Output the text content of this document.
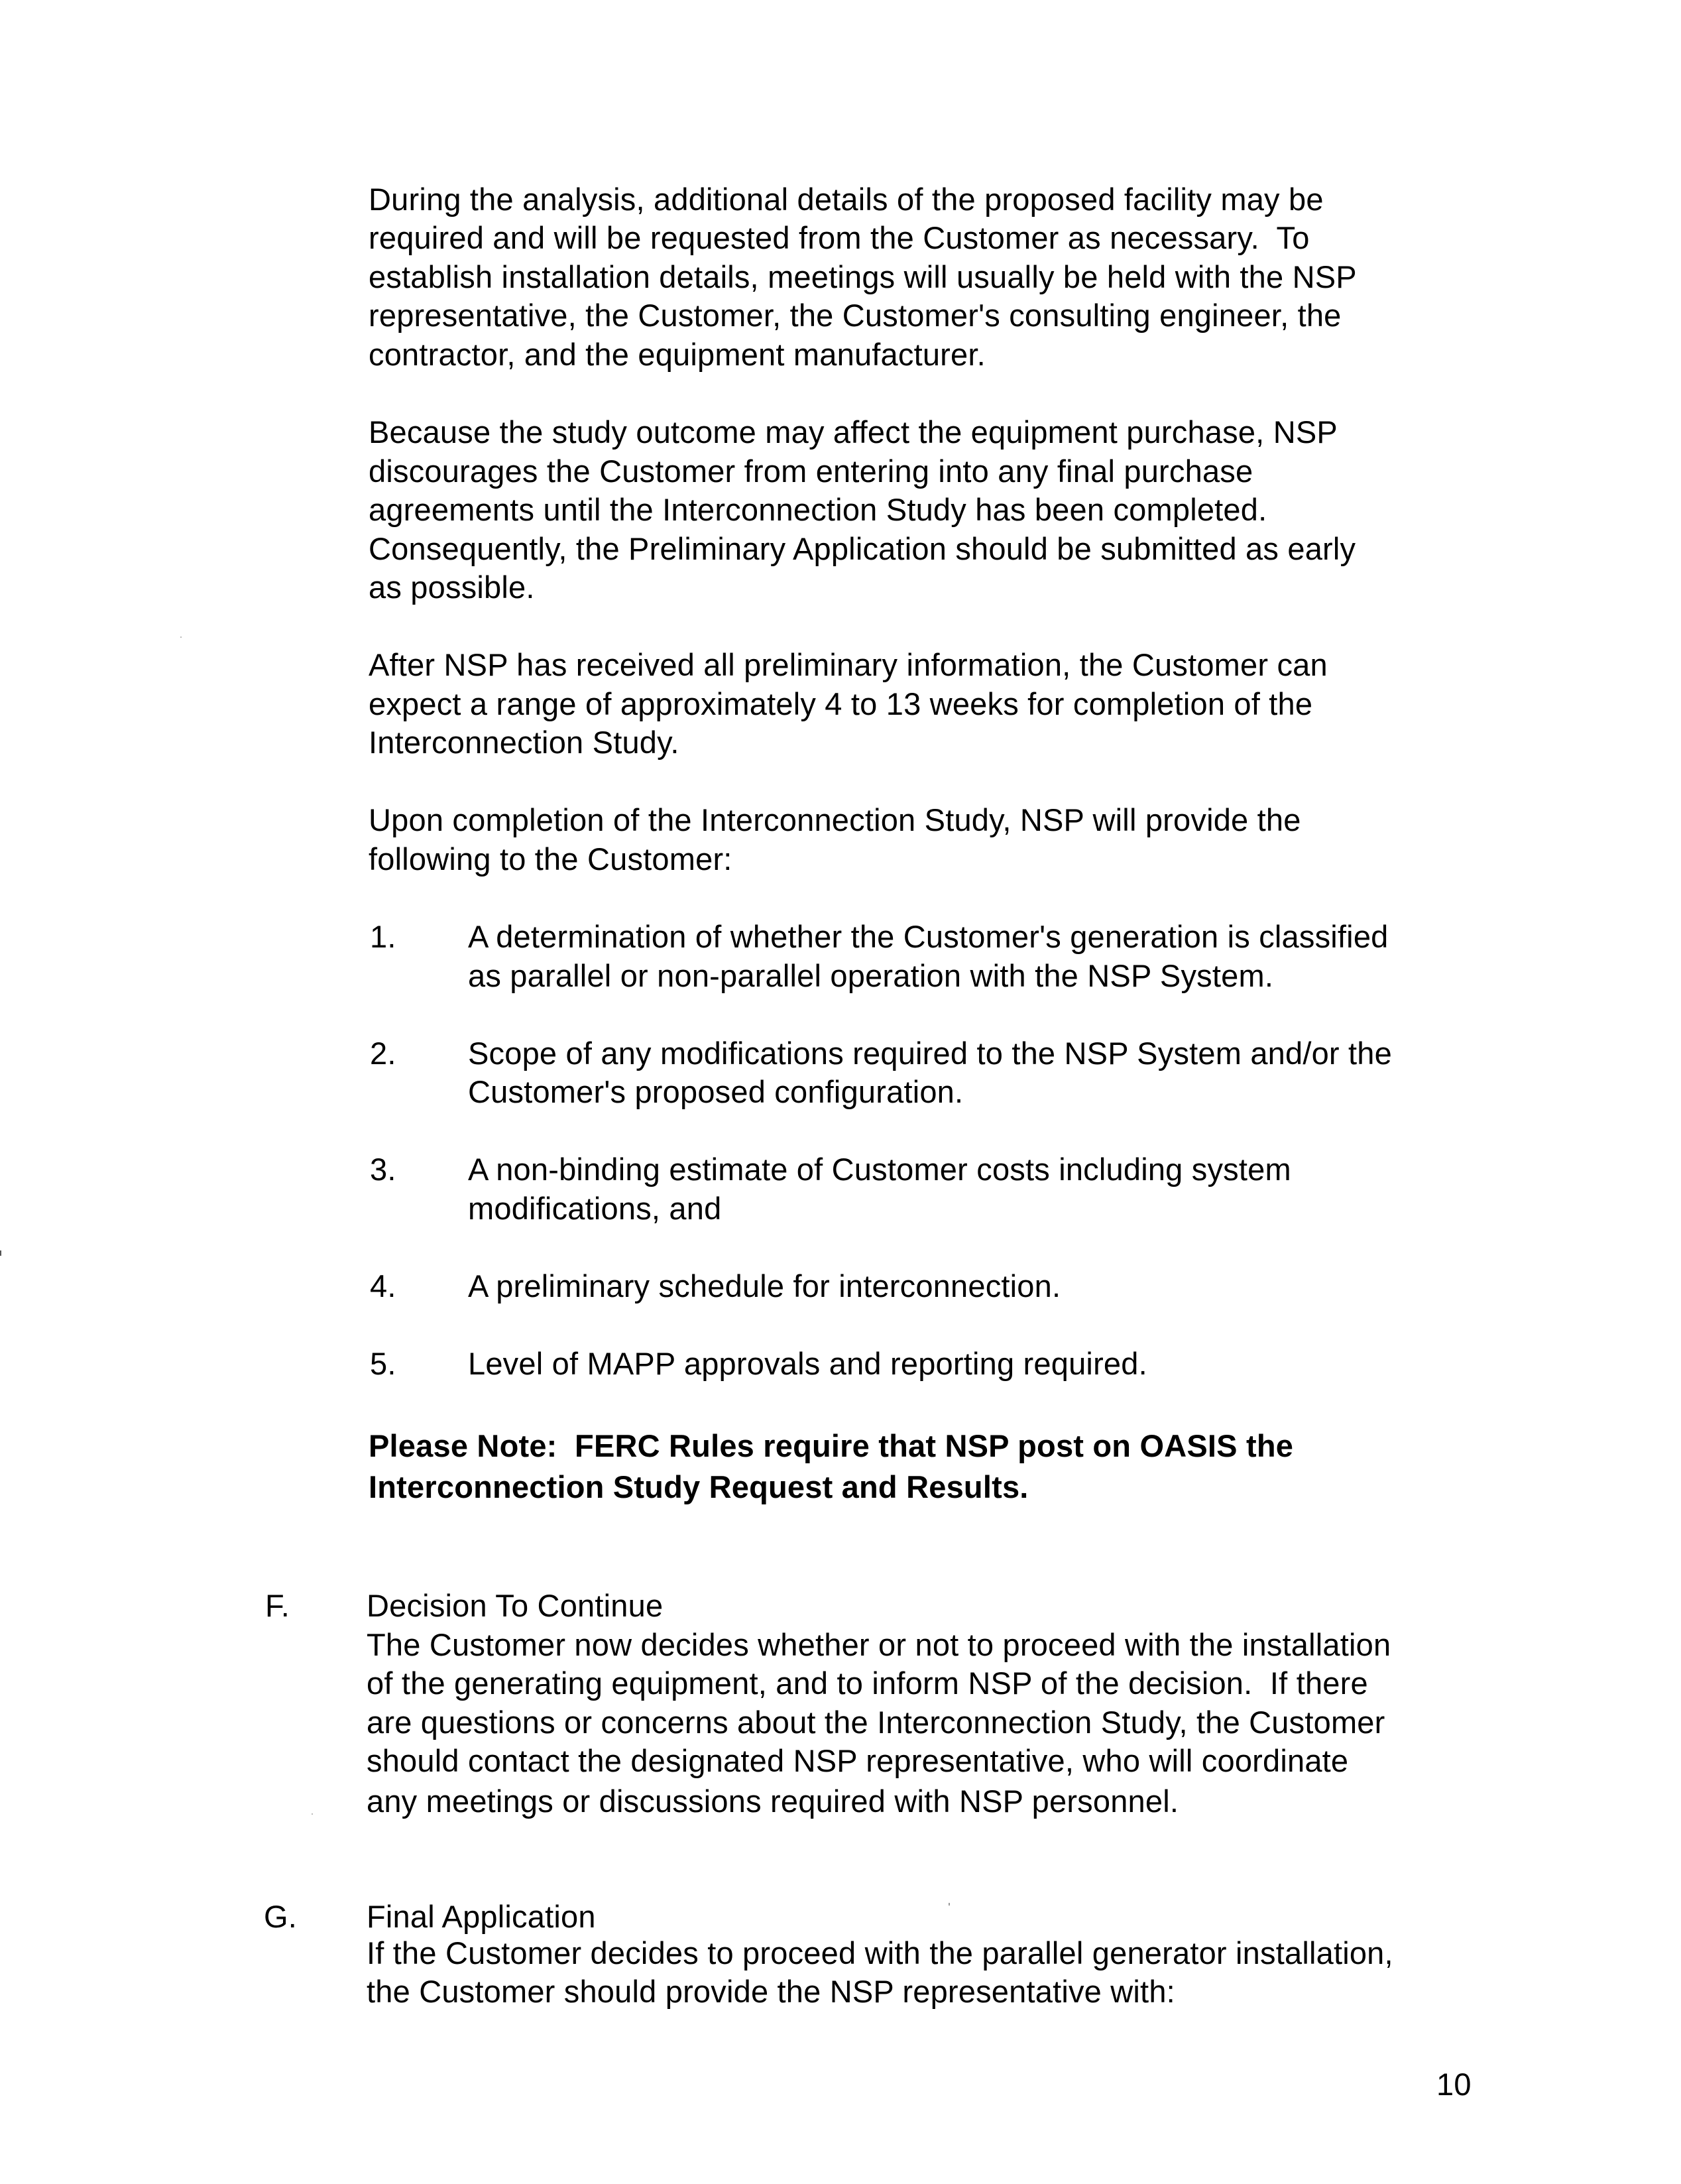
During the analysis, additional details of the proposed facility may be
required and will be requested from the Customer as necessary.  To
establish installation details, meetings will usually be held with the NSP
representative, the Customer, the Customer's consulting engineer, the
contractor, and the equipment manufacturer.
Because the study outcome may affect the equipment purchase, NSP
discourages the Customer from entering into any final purchase
agreements until the Interconnection Study has been completed.
Consequently, the Preliminary Application should be submitted as early
as possible.
After NSP has received all preliminary information, the Customer can
expect a range of approximately 4 to 13 weeks for completion of the
Interconnection Study.
Upon completion of the Interconnection Study, NSP will provide the
following to the Customer:
1. A determination of whether the Customer's generation is classified
as parallel or non-parallel operation with the NSP System.
2. Scope of any modifications required to the NSP System and/or the
Customer's proposed configuration.
3. A non-binding estimate of Customer costs including system
modifications, and
4. A preliminary schedule for interconnection.
5. Level of MAPP approvals and reporting required.
Please Note:  FERC Rules require that NSP post on OASIS the
Interconnection Study Request and Results.
F. Decision To Continue
The Customer now decides whether or not to proceed with the installation
of the generating equipment, and to inform NSP of the decision.  If there
are questions or concerns about the Interconnection Study, the Customer
should contact the designated NSP representative, who will coordinate
any meetings or discussions required with NSP personnel.
G. Final Application
If the Customer decides to proceed with the parallel generator installation,
the Customer should provide the NSP representative with:
10
